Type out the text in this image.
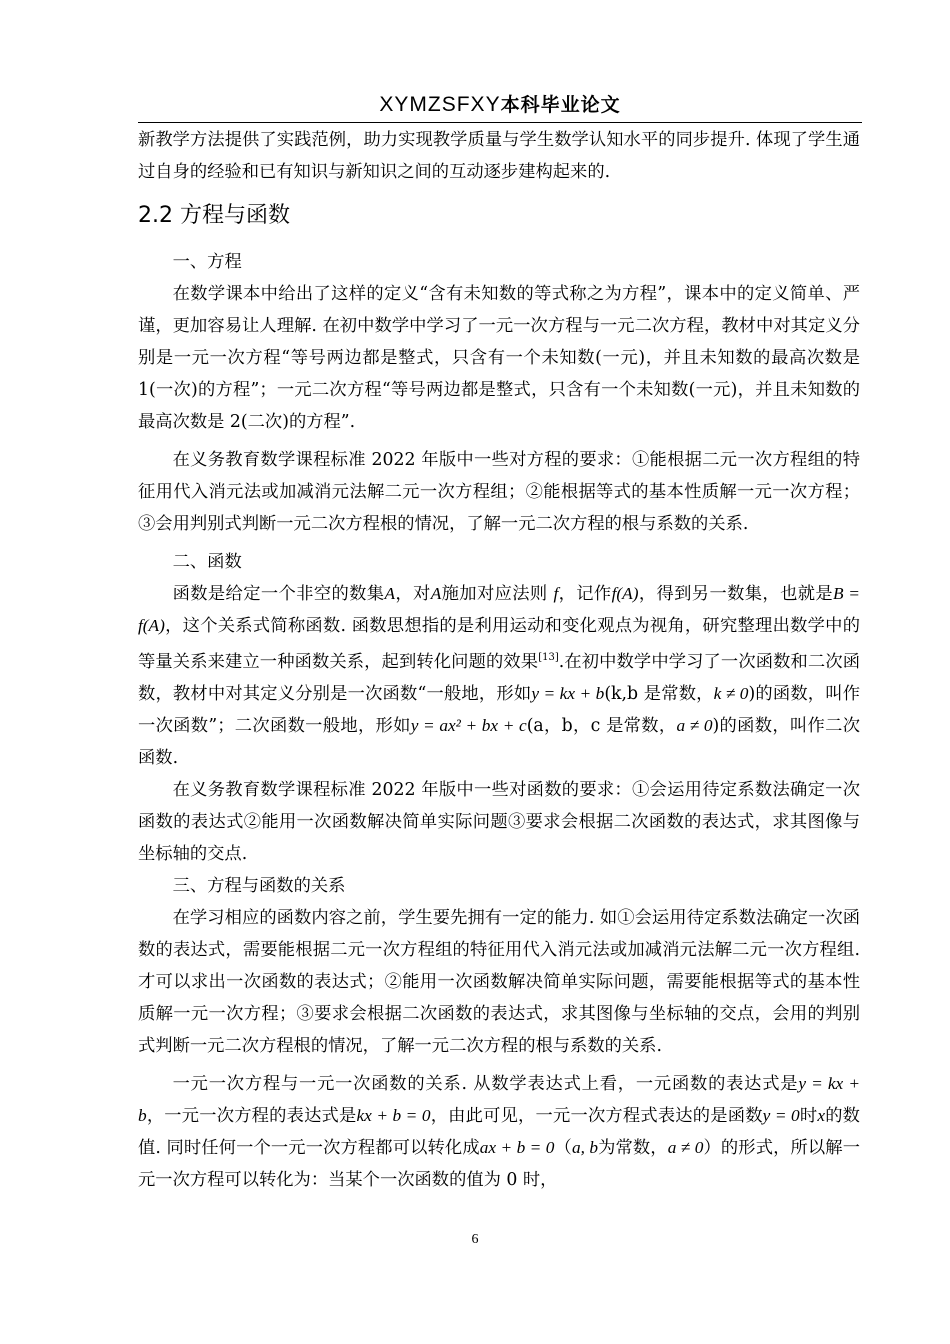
XYMZSFXY本科毕业论文

新教学方法提供了实践范例，助力实现教学质量与学生数学认知水平的同步提升. 体现了学生通过自身的经验和已有知识与新知识之间的互动逐步建构起来的.

2.2 方程与函数
一、方程

在数学课本中给出了这样的定义“含有未知数的等式称之为方程”，课本中的定义简单、严谨，更加容易让人理解. 在初中数学中学习了一元一次方程与一元二次方程，教材中对其定义分别是一元一次方程“等号两边都是整式，只含有一个未知数(一元)，并且未知数的最高次数是 1(一次)的方程”；一元二次方程“等号两边都是整式，只含有一个未知数(一元)，并且未知数的最高次数是 2(二次)的方程”.

在义务教育数学课程标准 2022 年版中一些对方程的要求：①能根据二元一次方程组的特征用代入消元法或加减消元法解二元一次方程组；②能根据等式的基本性质解一元一次方程；③会用判别式判断一元二次方程根的情况，了解一元二次方程的根与系数的关系.

二、函数

函数是给定一个非空的数集A，对A施加对应法则 f，记作f(A)，得到另一数集，也就是B = f(A)，这个关系式简称函数. 函数思想指的是利用运动和变化观点为视角，研究整理出数学中的等量关系来建立一种函数关系，起到转化问题的效果[13].在初中数学中学习了一次函数和二次函数，教材中对其定义分别是一次函数“一般地，形如y = kx + b(k,b 是常数，k ≠ 0)的函数，叫作一次函数”；二次函数一般地，形如y = ax² + bx + c(a，b，c 是常数，a ≠ 0)的函数，叫作二次函数.

在义务教育数学课程标准 2022 年版中一些对函数的要求：①会运用待定系数法确定一次函数的表达式②能用一次函数解决简单实际问题③要求会根据二次函数的表达式，求其图像与坐标轴的交点.

三、方程与函数的关系

在学习相应的函数内容之前，学生要先拥有一定的能力. 如①会运用待定系数法确定一次函数的表达式，需要能根据二元一次方程组的特征用代入消元法或加减消元法解二元一次方程组.才可以求出一次函数的表达式；②能用一次函数解决简单实际问题，需要能根据等式的基本性质解一元一次方程；③要求会根据二次函数的表达式，求其图像与坐标轴的交点，会用的判别式判断一元二次方程根的情况，了解一元二次方程的根与系数的关系.

一元一次方程与一元一次函数的关系. 从数学表达式上看，一元函数的表达式是y = kx + b，一元一次方程的表达式是kx + b = 0，由此可见，一元一次方程式表达的是函数y = 0时x的数值. 同时任何一个一元一次方程都可以转化成ax + b = 0（a, b为常数，a ≠ 0）的形式，所以解一元一次方程可以转化为：当某个一次函数的值为 0 时，

6
